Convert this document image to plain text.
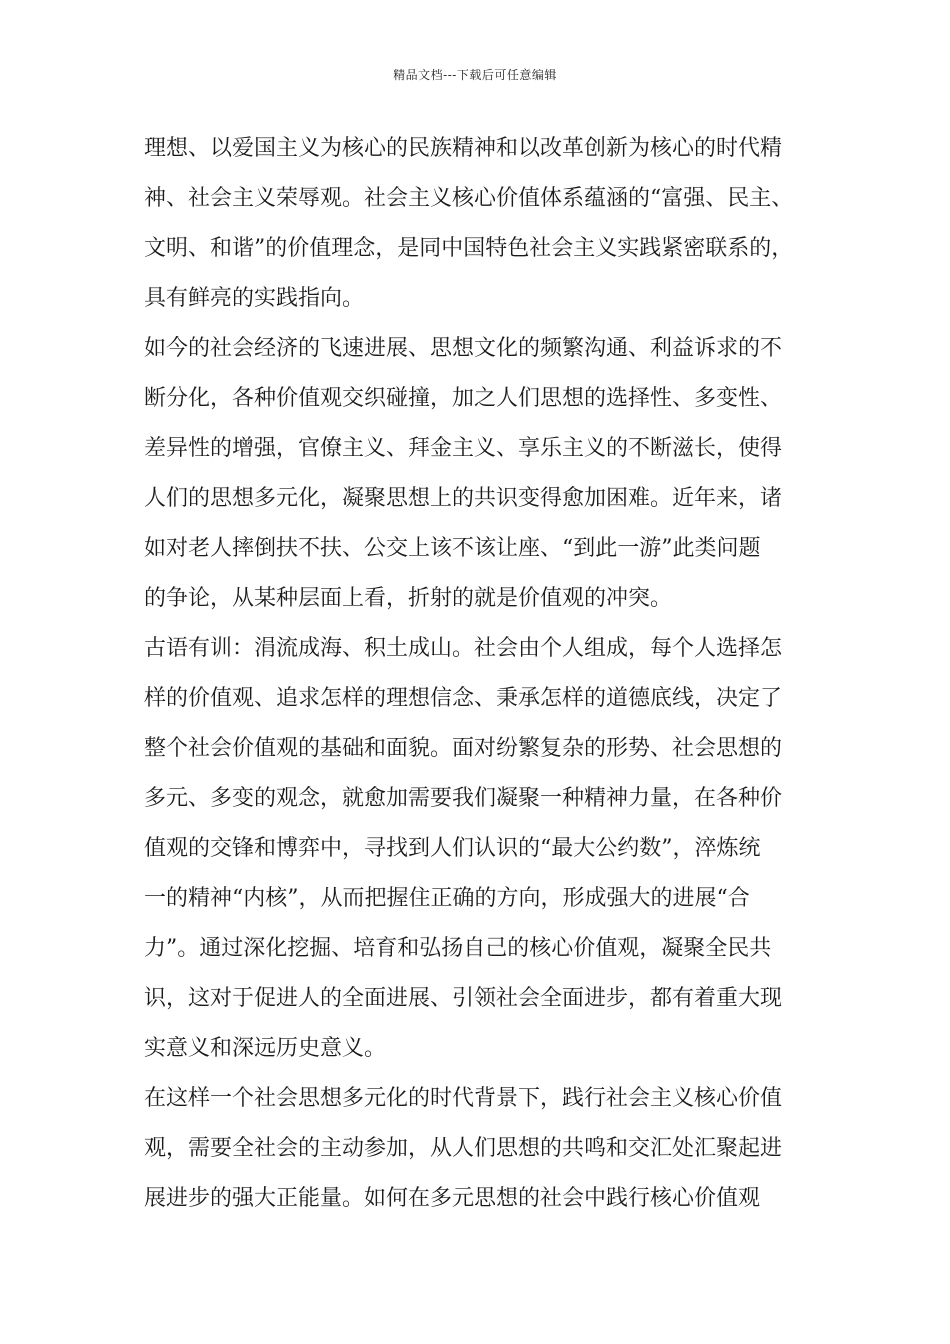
精品文档---下载后可任意编辑
理想、以爱国主义为核心的民族精神和以改革创新为核心的时代精
神、社会主义荣辱观。社会主义核心价值体系蕴涵的“富强、民主、
文明、和谐”的价值理念，是同中国特色社会主义实践紧密联系的，
具有鲜亮的实践指向。
如今的社会经济的飞速进展、思想文化的频繁沟通、利益诉求的不
断分化，各种价值观交织碰撞，加之人们思想的选择性、多变性、
差异性的增强，官僚主义、拜金主义、享乐主义的不断滋长，使得
人们的思想多元化，凝聚思想上的共识变得愈加困难。近年来，诸
如对老人摔倒扶不扶、公交上该不该让座、“到此一游”此类问题
的争论，从某种层面上看，折射的就是价值观的冲突。
古语有训：涓流成海、积土成山。社会由个人组成，每个人选择怎
样的价值观、追求怎样的理想信念、秉承怎样的道德底线，决定了
整个社会价值观的基础和面貌。面对纷繁复杂的形势、社会思想的
多元、多变的观念，就愈加需要我们凝聚一种精神力量，在各种价
值观的交锋和博弈中，寻找到人们认识的“最大公约数”，淬炼统
一的精神“内核”，从而把握住正确的方向，形成强大的进展“合
力”。通过深化挖掘、培育和弘扬自己的核心价值观，凝聚全民共
识，这对于促进人的全面进展、引领社会全面进步，都有着重大现
实意义和深远历史意义。
在这样一个社会思想多元化的时代背景下，践行社会主义核心价值
观，需要全社会的主动参加，从人们思想的共鸣和交汇处汇聚起进
展进步的强大正能量。如何在多元思想的社会中践行核心价值观
